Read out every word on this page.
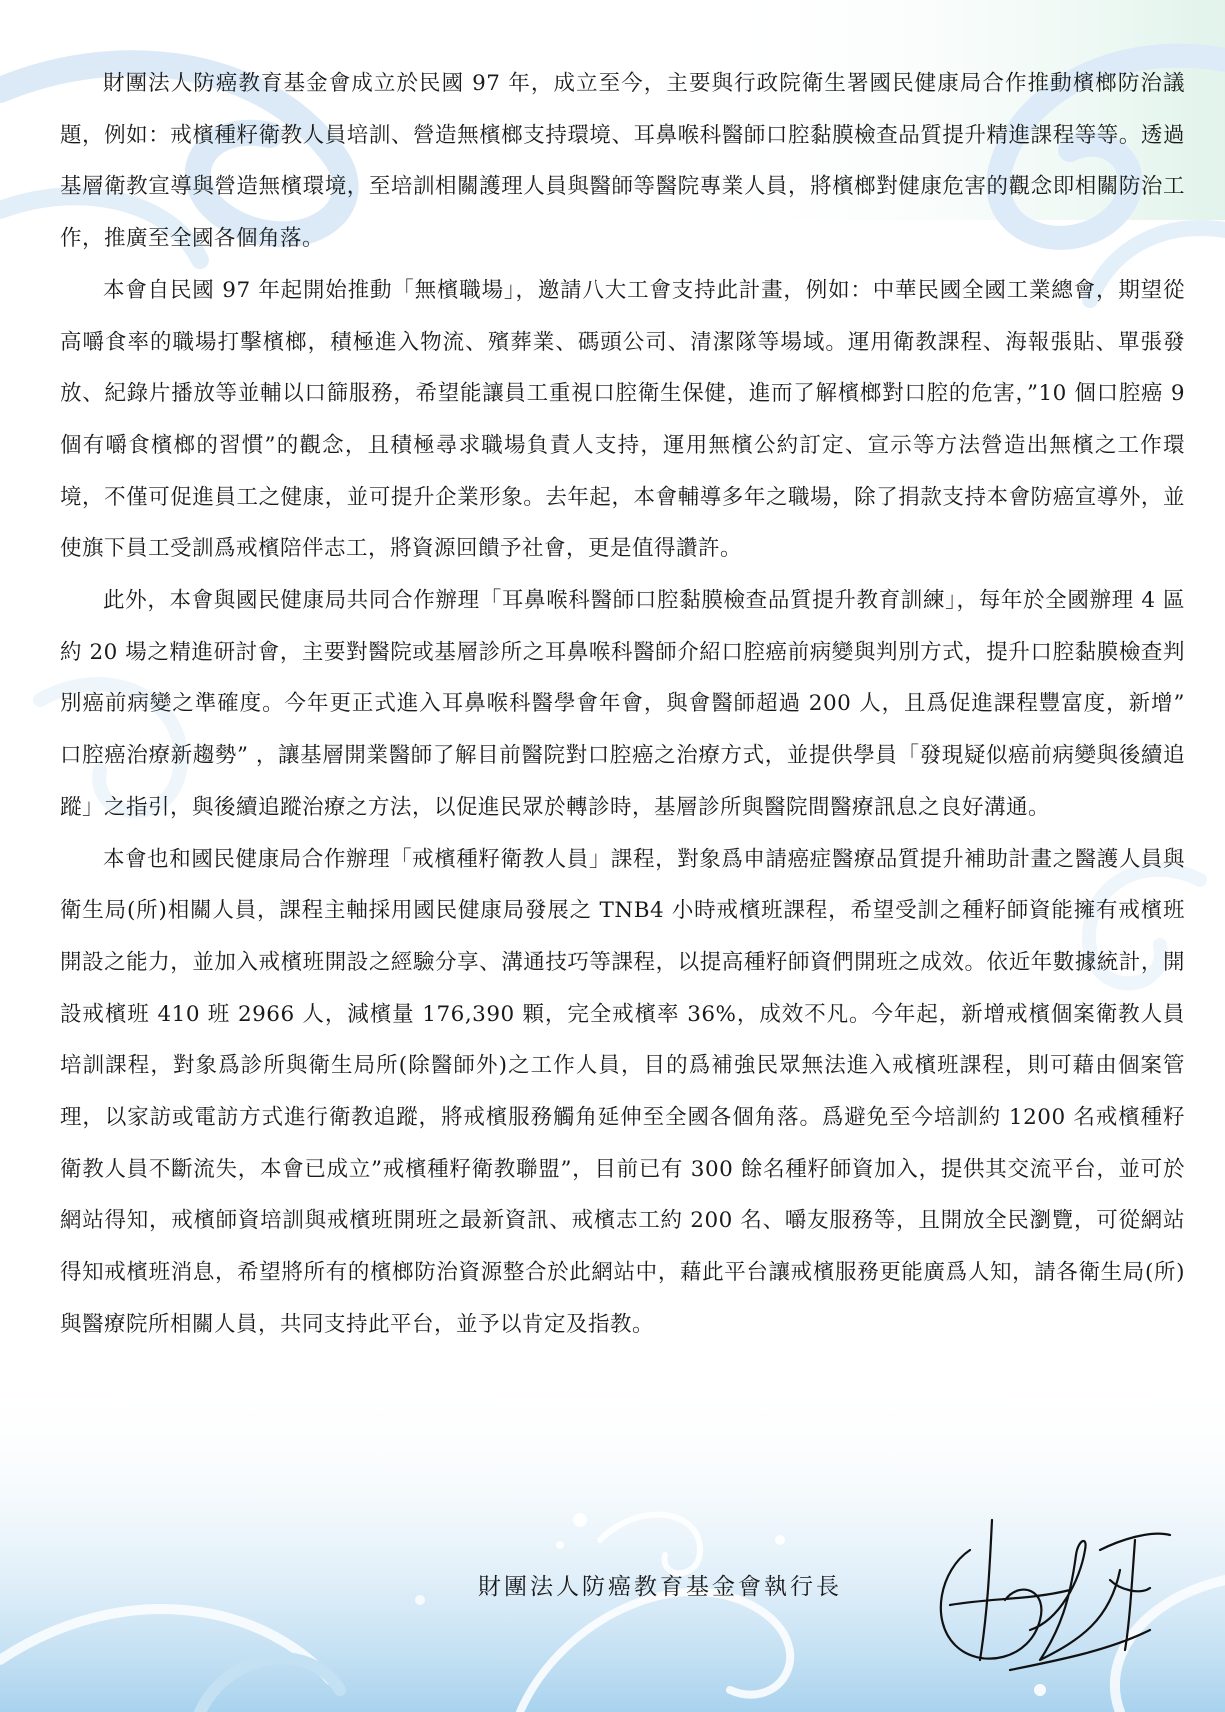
財團法人防癌教育基金會成立於民國 97 年，成立至今，主要與行政院衛生署國民健康局合作推動檳榔防治議題，例如：戒檳種籽衛教人員培訓、營造無檳榔支持環境、耳鼻喉科醫師口腔黏膜檢查品質提升精進課程等等。透過基層衛教宣導與營造無檳環境，至培訓相關護理人員與醫師等醫院專業人員，將檳榔對健康危害的觀念即相關防治工作，推廣至全國各個角落。

本會自民國 97 年起開始推動「無檳職場」，邀請八大工會支持此計畫，例如：中華民國全國工業總會，期望從高嚼食率的職場打擊檳榔，積極進入物流、殯葬業、碼頭公司、清潔隊等場域。運用衛教課程、海報張貼、單張發放、紀錄片播放等並輔以口篩服務，希望能讓員工重視口腔衛生保健，進而了解檳榔對口腔的危害，”10 個口腔癌 9 個有嚼食檳榔的習慣”的觀念，且積極尋求職場負責人支持，運用無檳公約訂定、宣示等方法營造出無檳之工作環境，不僅可促進員工之健康，並可提升企業形象。去年起，本會輔導多年之職場，除了捐款支持本會防癌宣導外，並使旗下員工受訓爲戒檳陪伴志工，將資源回饋予社會，更是值得讚許。

此外，本會與國民健康局共同合作辦理「耳鼻喉科醫師口腔黏膜檢查品質提升教育訓練」，每年於全國辦理 4 區約 20 場之精進研討會，主要對醫院或基層診所之耳鼻喉科醫師介紹口腔癌前病變與判別方式，提升口腔黏膜檢查判別癌前病變之準確度。今年更正式進入耳鼻喉科醫學會年會，與會醫師超過 200 人，且爲促進課程豐富度，新增” 口腔癌治療新趨勢” ，讓基層開業醫師了解目前醫院對口腔癌之治療方式，並提供學員「發現疑似癌前病變與後續追蹤」之指引，與後續追蹤治療之方法，以促進民眾於轉診時，基層診所與醫院間醫療訊息之良好溝通。

本會也和國民健康局合作辦理「戒檳種籽衛教人員」課程，對象爲申請癌症醫療品質提升補助計畫之醫護人員與衛生局(所)相關人員，課程主軸採用國民健康局發展之 TNB4 小時戒檳班課程，希望受訓之種籽師資能擁有戒檳班開設之能力，並加入戒檳班開設之經驗分享、溝通技巧等課程，以提高種籽師資們開班之成效。依近年數據統計，開設戒檳班 410 班 2966 人，減檳量 176,390 顆，完全戒檳率 36%，成效不凡。今年起，新增戒檳個案衛教人員培訓課程，對象爲診所與衛生局所(除醫師外)之工作人員，目的爲補強民眾無法進入戒檳班課程，則可藉由個案管理，以家訪或電訪方式進行衛教追蹤，將戒檳服務觸角延伸至全國各個角落。爲避免至今培訓約 1200 名戒檳種籽衛教人員不斷流失，本會已成立”戒檳種籽衛教聯盟”，目前已有 300 餘名種籽師資加入，提供其交流平台，並可於網站得知，戒檳師資培訓與戒檳班開班之最新資訊、戒檳志工約 200 名、嚼友服務等，且開放全民瀏覽，可從網站得知戒檳班消息，希望將所有的檳榔防治資源整合於此網站中，藉此平台讓戒檳服務更能廣爲人知，請各衛生局(所)與醫療院所相關人員，共同支持此平台，並予以肯定及指教。

財團法人防癌教育基金會執行長
